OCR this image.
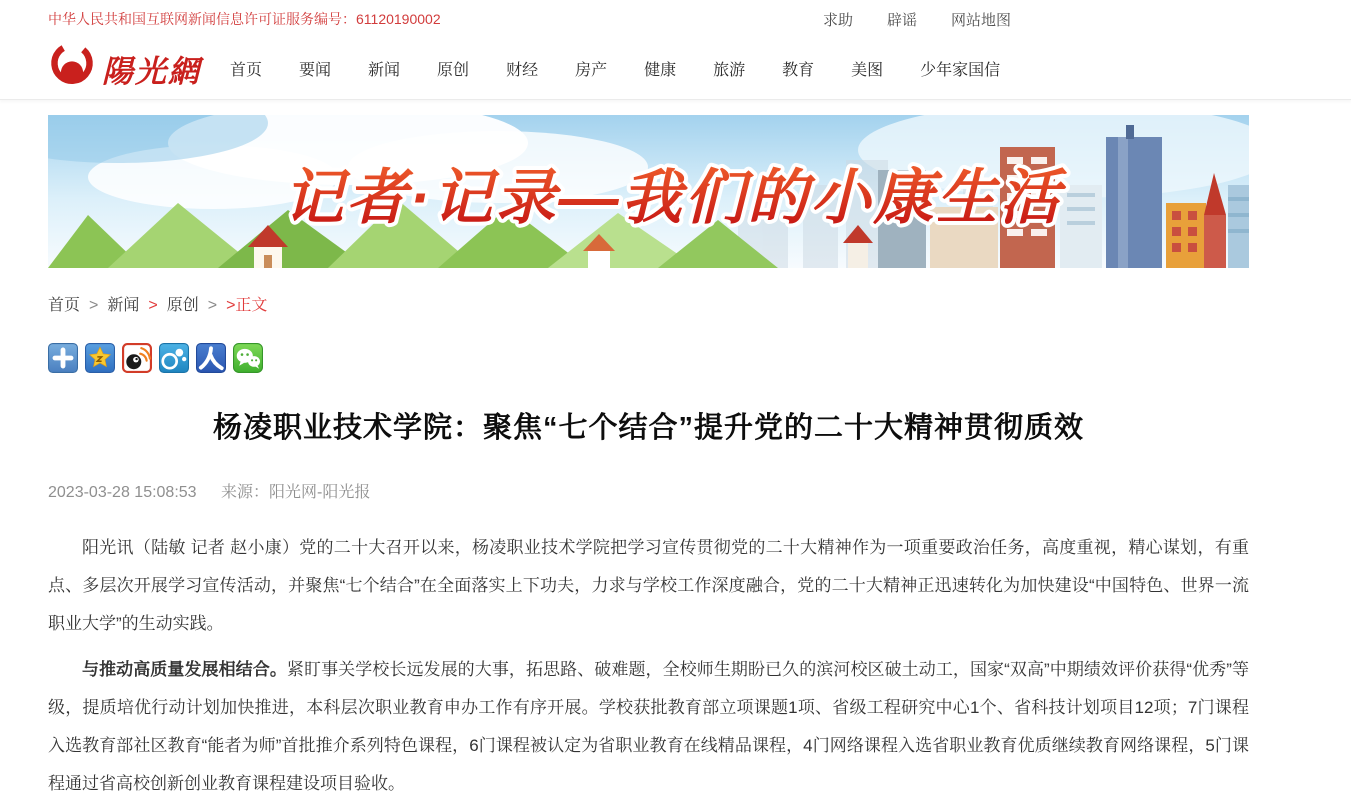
中华人民共和国互联网新闻信息许可证服务编号：61120190002	求助 辟谣 网站地图
陽光網 首页 要闻 新闻 原创 财经 房产 健康 旅游 教育 美图 少年家国信
记者·记录—我们的小康生活
首页 > 新闻 > 原创 > >正文
杨凌职业技术学院：聚焦“七个结合”提升党的二十大精神贯彻质效
2023-03-28 15:08:53 来源：阳光网-阳光报

阳光讯（陆敏 记者 赵小康）党的二十大召开以来，杨凌职业技术学院把学习宣传贯彻党的二十大精神作为一项重要政治任务，高度重视，精心谋划，有重点、多层次开展学习宣传活动，并聚焦“七个结合”在全面落实上下功夫，力求与学校工作深度融合，党的二十大精神正迅速转化为加快建设“中国特色、世界一流职业大学”的生动实践。

与推动高质量发展相结合。紧盯事关学校长远发展的大事，拓思路、破难题，全校师生期盼已久的滨河校区破土动工，国家“双高”中期绩效评价获得“优秀”等级，提质培优行动计划加快推进，本科层次职业教育申办工作有序开展。学校获批教育部立项课题1项、省级工程研究中心1个、省科技计划项目12项；7门课程入选教育部社区教育“能者为师”首批推介系列特色课程，6门课程被认定为省职业教育在线精品课程，4门网络课程入选省职业教育优质继续教育网络课程，5门课程通过省高校创新创业教育课程建设项目验收。
